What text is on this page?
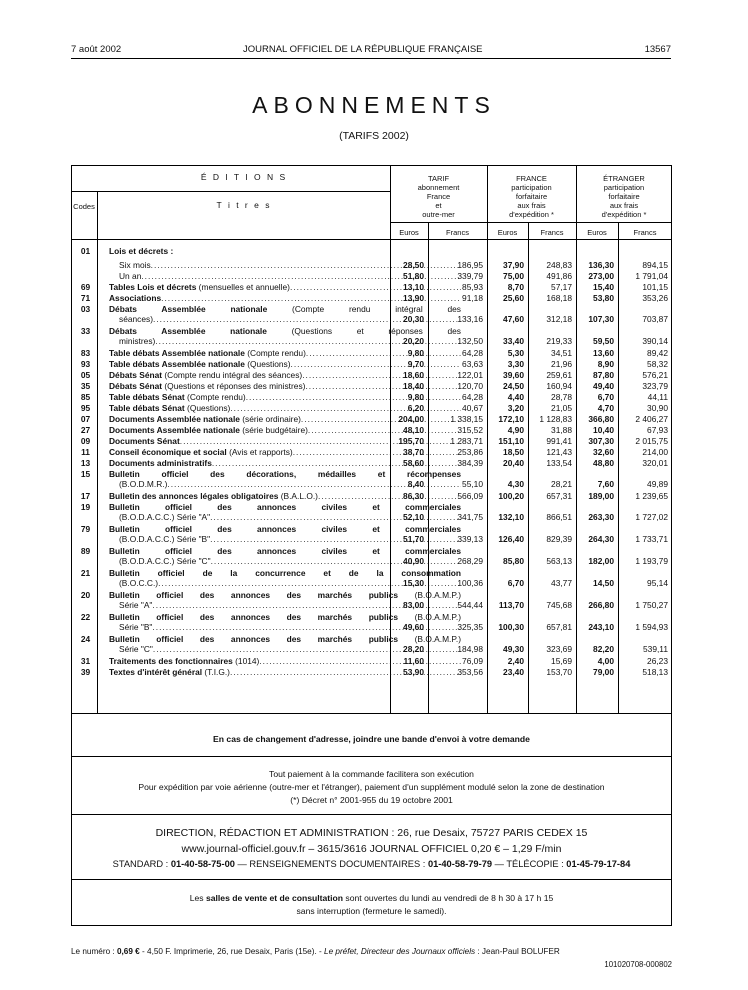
7 août 2002	JOURNAL OFFICIEL DE LA RÉPUBLIQUE FRANÇAISE	13567
ABONNEMENTS
(TARIFS 2002)
É D I T I O N S
Codes	T i t r e s
TARIF
abonnement
France
et
outre-mer
FRANCE
participation
forfaitaire
aux frais
d'expédition *
ÉTRANGER
participation
forfaitaire
aux frais
d'expédition *
Euros	Francs	Euros	Francs	Euros	Francs
01	Lois et décrets :
Six mois .....	28,50	186,95	37,90	248,83	136,30	894,15
Un an .....	51,80	339,79	75,00	491,86	273,00	1 791,04
69	Tables Lois et décrets (mensuelles et annuelle) .....	13,10	85,93	8,70	57,17	15,40	101,15
71	Associations .....	13,90	91,18	25,60	168,18	53,80	353,26
03	Débats Assemblée nationale (Compte rendu intégral des
séances) .....	20,30	133,16	47,60	312,18	107,30	703,87
33	Débats Assemblée nationale (Questions et réponses des
ministres) .....	20,20	132,50	33,40	219,33	59,50	390,14
83	Table débats Assemblée nationale (Compte rendu) .....	9,80	64,28	5,30	34,51	13,60	89,42
93	Table débats Assemblée nationale (Questions) .....	9,70	63,63	3,30	21,96	8,90	58,32
05	Débats Sénat (Compte rendu intégral des séances) .....	18,60	122,01	39,60	259,61	87,80	576,21
35	Débats Sénat (Questions et réponses des ministres) .....	18,40	120,70	24,50	160,94	49,40	323,79
85	Table débats Sénat (Compte rendu) .....	9,80	64,28	4,40	28,78	6,70	44,11
95	Table débats Sénat (Questions) .....	6,20	40,67	3,20	21,05	4,70	30,90
07	Documents Assemblée nationale (série ordinaire) .....	204,00	1 338,15	172,10	1 128,83	366,80	2 406,27
27	Documents Assemblée nationale (série budgétaire) .....	48,10	315,52	4,90	31,88	10,40	67,93
09	Documents Sénat .....	195,70	1 283,71	151,10	991,41	307,30	2 015,75
11	Conseil économique et social (Avis et rapports) .....	38,70	253,86	18,50	121,43	32,60	214,00
13	Documents administratifs .....	58,60	384,39	20,40	133,54	48,80	320,01
15	Bulletin officiel des décorations, médailles et récompenses
(B.O.D.M.R.) .....	8,40	55,10	4,30	28,21	7,60	49,89
17	Bulletin des annonces légales obligatoires (B.A.L.O.) .....	86,30	566,09	100,20	657,31	189,00	1 239,65
19	Bulletin officiel des annonces civiles et commerciales
(B.O.D.A.C.C.) Série "A" .....	52,10	341,75	132,10	866,51	263,30	1 727,02
79	Bulletin officiel des annonces civiles et commerciales
(B.O.D.A.C.C.) Série "B" .....	51,70	339,13	126,40	829,39	264,30	1 733,71
89	Bulletin officiel des annonces civiles et commerciales
(B.O.D.A.C.C.) Série "C" .....	40,90	268,29	85,80	563,13	182,00	1 193,79
21	Bulletin officiel de la concurrence et de la consommation
(B.O.C.C.) .....	15,30	100,36	6,70	43,77	14,50	95,14
20	Bulletin officiel des annonces des marchés publics (B.O.A.M.P.)
Série "A" .....	83,00	544,44	113,70	745,68	266,80	1 750,27
22	Bulletin officiel des annonces des marchés publics (B.O.A.M.P.)
Série "B" .....	49,60	325,35	100,30	657,81	243,10	1 594,93
24	Bulletin officiel des annonces des marchés publics (B.O.A.M.P.)
Série "C" .....	28,20	184,98	49,30	323,69	82,20	539,11
31	Traitements des fonctionnaires (1014) .....	11,60	76,09	2,40	15,69	4,00	26,23
39	Textes d'intérêt général (T.I.G.) .....	53,90	353,56	23,40	153,70	79,00	518,13
En cas de changement d'adresse, joindre une bande d'envoi à votre demande
Tout paiement à la commande facilitera son exécution
Pour expédition par voie aérienne (outre-mer et l'étranger), paiement d'un supplément modulé selon la zone de destination
(*) Décret n° 2001-955 du 19 octobre 2001
DIRECTION, RÉDACTION ET ADMINISTRATION : 26, rue Desaix, 75727 PARIS CEDEX 15
www.journal-officiel.gouv.fr – 3615/3616 JOURNAL OFFICIEL 0,20 € – 1,29 F/min
STANDARD : 01-40-58-75-00 — RENSEIGNEMENTS DOCUMENTAIRES : 01-40-58-79-79 — TÉLÉCOPIE : 01-45-79-17-84
Les salles de vente et de consultation sont ouvertes du lundi au vendredi de 8 h 30 à 17 h 15
sans interruption (fermeture le samedi).
Le numéro : 0,69 € - 4,50 F. Imprimerie, 26, rue Desaix, Paris (15e). - Le préfet, Directeur des Journaux officiels : Jean-Paul BOLUFER
101020708-000802
